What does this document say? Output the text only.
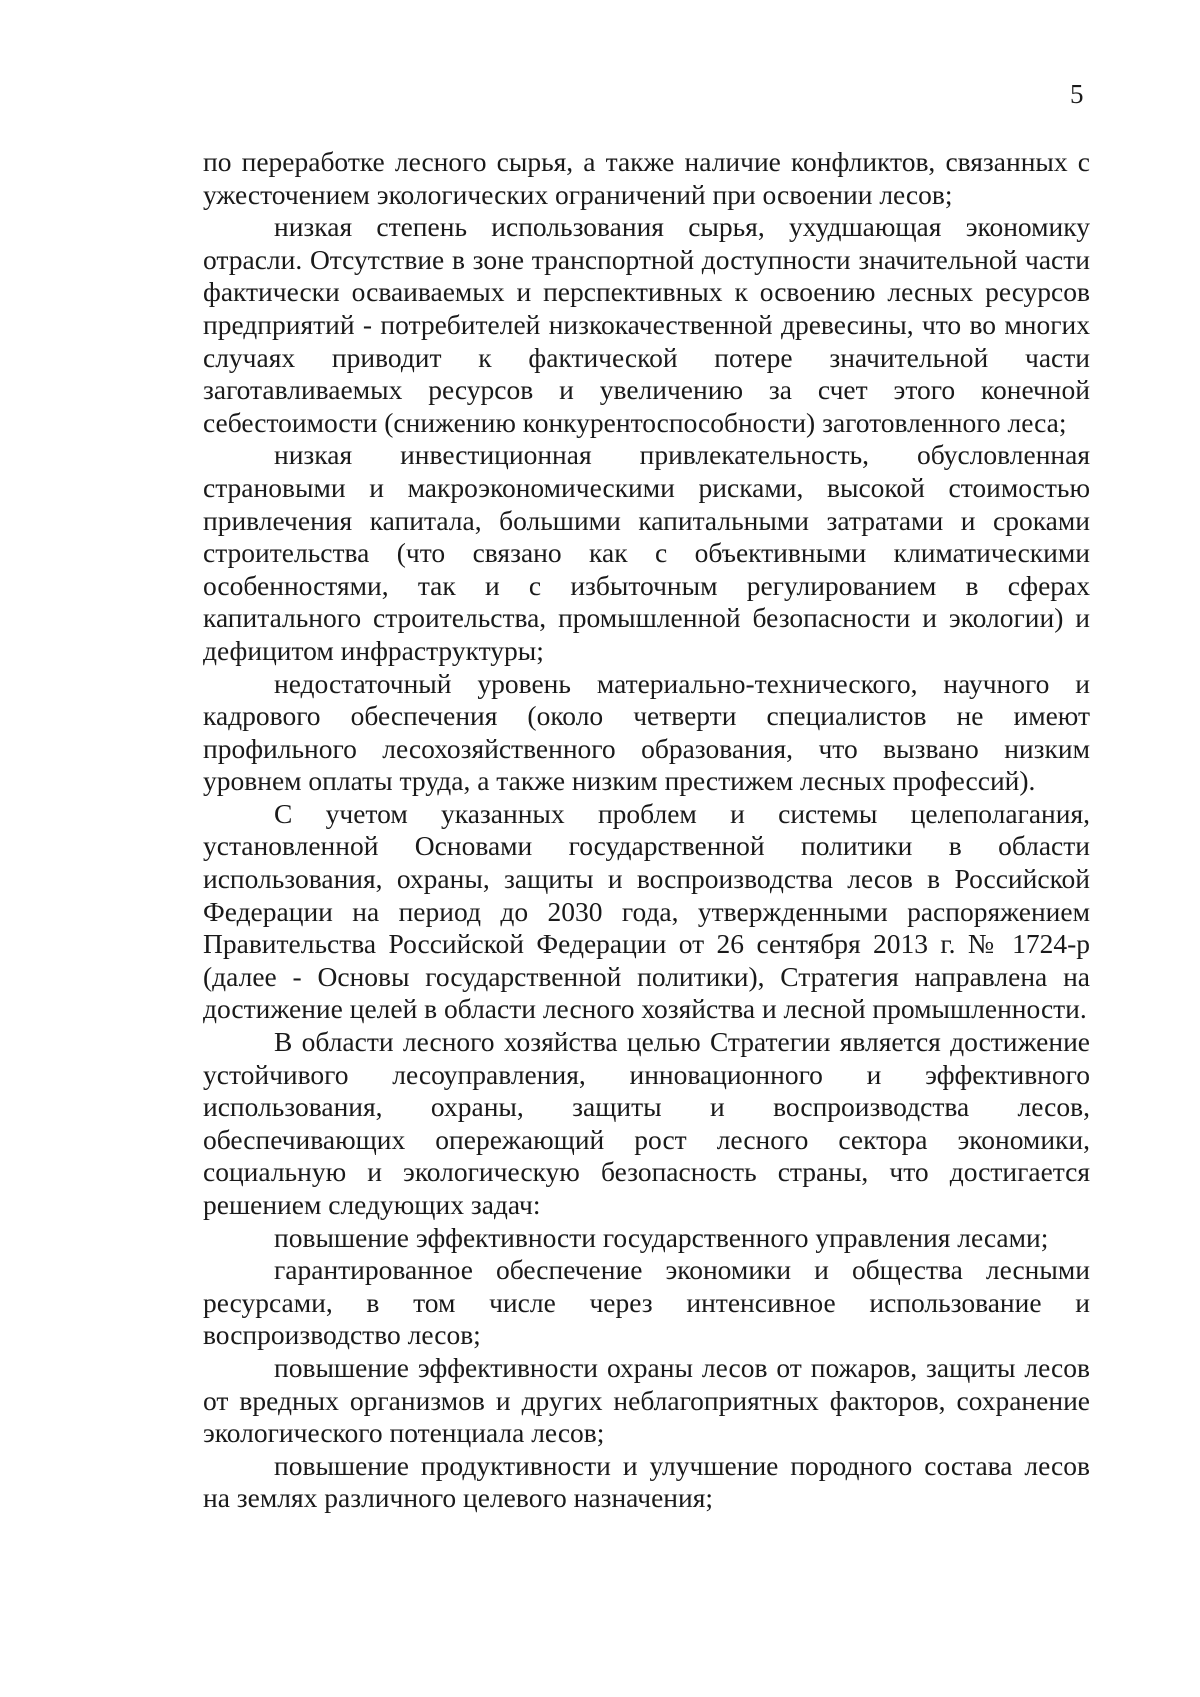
5

по переработке лесного сырья, а также наличие конфликтов, связанных с ужесточением экологических ограничений при освоении лесов;

низкая степень использования сырья, ухудшающая экономику отрасли. Отсутствие в зоне транспортной доступности значительной части фактически осваиваемых и перспективных к освоению лесных ресурсов предприятий - потребителей низкокачественной древесины, что во многих случаях приводит к фактической потере значительной части заготавливаемых ресурсов и увеличению за счет этого конечной себестоимости (снижению конкурентоспособности) заготовленного леса;

низкая инвестиционная привлекательность, обусловленная страновыми и макроэкономическими рисками, высокой стоимостью привлечения капитала, большими капитальными затратами и сроками строительства (что связано как с объективными климатическими особенностями, так и с избыточным регулированием в сферах капитального строительства, промышленной безопасности и экологии) и дефицитом инфраструктуры;

недостаточный уровень материально-технического, научного и кадрового обеспечения (около четверти специалистов не имеют профильного лесохозяйственного образования, что вызвано низким уровнем оплаты труда, а также низким престижем лесных профессий).

С учетом указанных проблем и системы целеполагания, установленной Основами государственной политики в области использования, охраны, защиты и воспроизводства лесов в Российской Федерации на период до 2030 года, утвержденными распоряжением Правительства Российской Федерации от 26 сентября 2013 г. № 1724-р (далее - Основы государственной политики), Стратегия направлена на достижение целей в области лесного хозяйства и лесной промышленности.

В области лесного хозяйства целью Стратегии является достижение устойчивого лесоуправления, инновационного и эффективного использования, охраны, защиты и воспроизводства лесов, обеспечивающих опережающий рост лесного сектора экономики, социальную и экологическую безопасность страны, что достигается решением следующих задач:

повышение эффективности государственного управления лесами;

гарантированное обеспечение экономики и общества лесными ресурсами, в том числе через интенсивное использование и воспроизводство лесов;

повышение эффективности охраны лесов от пожаров, защиты лесов от вредных организмов и других неблагоприятных факторов, сохранение экологического потенциала лесов;

повышение продуктивности и улучшение породного состава лесов на землях различного целевого назначения;
